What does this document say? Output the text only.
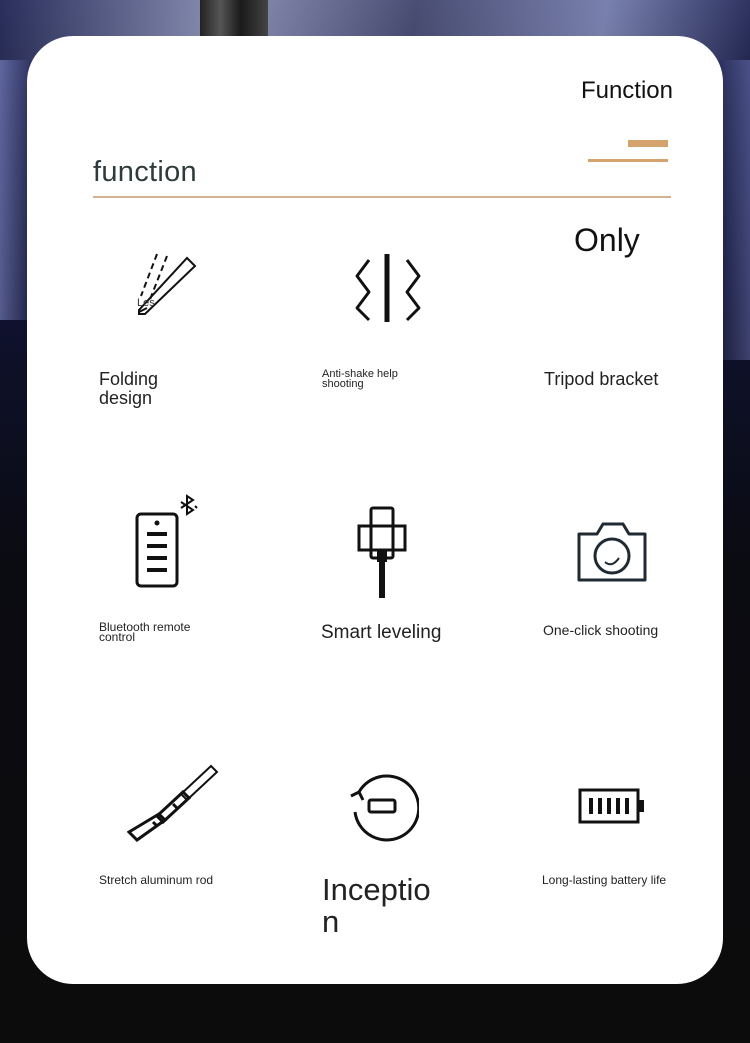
Function
function
Only
Les
Folding design
Anti-shake help shooting	Tripod bracket
Bluetooth remote control	Smart leveling	One-click shooting
Stretch aluminum rod	Inception
Long-lasting battery life
